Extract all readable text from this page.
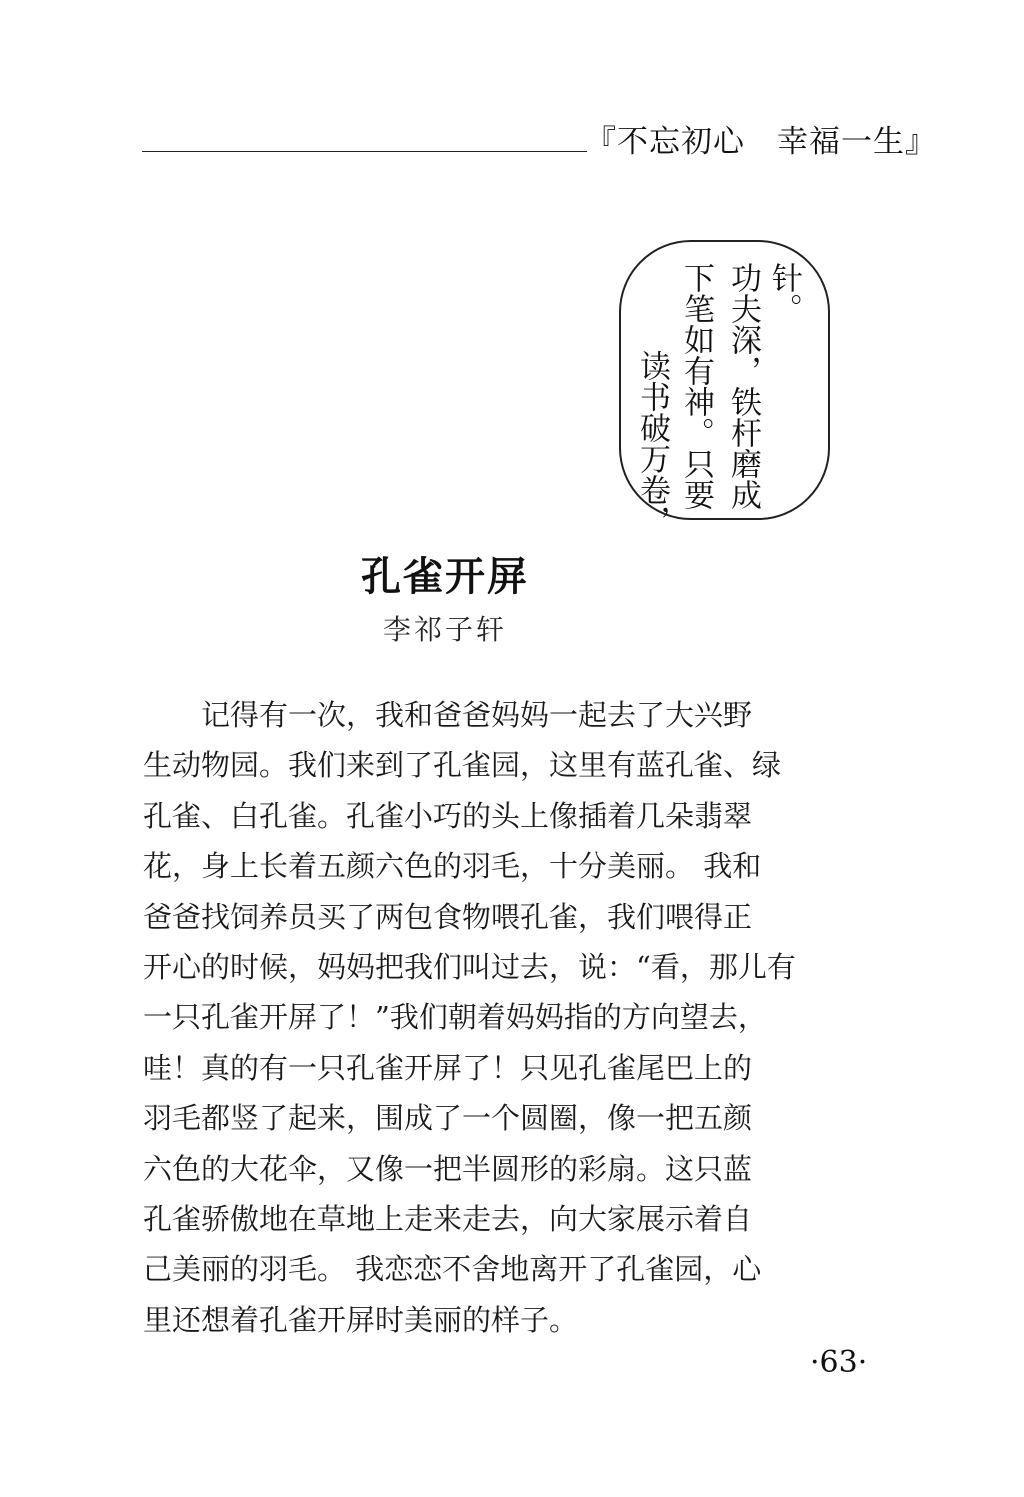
『不忘初心　幸福一生』
针。
功夫深，铁杆磨成
下笔如有神。只要
读书破万卷，
孔雀开屏
李祁子轩

　　记得有一次，我和爸爸妈妈一起去了大兴野

生动物园。我们来到了孔雀园，这里有蓝孔雀、绿

孔雀、白孔雀。孔雀小巧的头上像插着几朵翡翠

花，身上长着五颜六色的羽毛，十分美丽。 我和

爸爸找饲养员买了两包食物喂孔雀，我们喂得正

开心的时候，妈妈把我们叫过去，说：“看，那儿有

一只孔雀开屏了！”我们朝着妈妈指的方向望去，

哇！真的有一只孔雀开屏了！只见孔雀尾巴上的

羽毛都竖了起来，围成了一个圆圈，像一把五颜

六色的大花伞，又像一把半圆形的彩扇。这只蓝

孔雀骄傲地在草地上走来走去，向大家展示着自

己美丽的羽毛。 我恋恋不舍地离开了孔雀园，心

里还想着孔雀开屏时美丽的样子。

·63·
